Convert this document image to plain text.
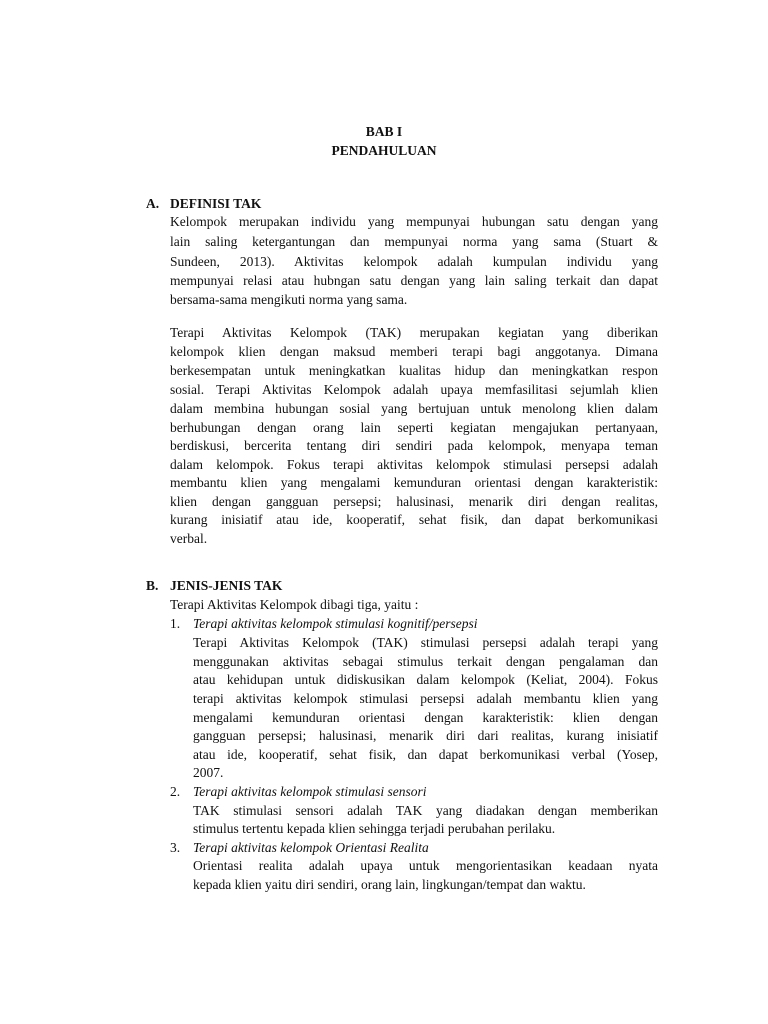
BAB I
PENDAHULUAN
A. DEFINISI TAK
Kelompok merupakan individu yang mempunyai hubungan satu dengan yang
lain saling ketergantungan dan mempunyai norma yang sama (Stuart &
Sundeen, 2013). Aktivitas kelompok adalah kumpulan individu yang
mempunyai relasi atau hubngan satu dengan yang lain saling terkait dan dapat
bersama-sama mengikuti norma yang sama.
Terapi Aktivitas Kelompok (TAK) merupakan kegiatan yang diberikan
kelompok klien dengan maksud memberi terapi bagi anggotanya. Dimana
berkesempatan untuk meningkatkan kualitas hidup dan meningkatkan respon
sosial. Terapi Aktivitas Kelompok adalah upaya memfasilitasi sejumlah klien
dalam membina hubungan sosial yang bertujuan untuk menolong klien dalam
berhubungan dengan orang lain seperti kegiatan mengajukan pertanyaan,
berdiskusi, bercerita tentang diri sendiri pada kelompok, menyapa teman
dalam kelompok. Fokus terapi aktivitas kelompok stimulasi persepsi adalah
membantu klien yang mengalami kemunduran orientasi dengan karakteristik:
klien dengan gangguan persepsi; halusinasi, menarik diri dengan realitas,
kurang inisiatif atau ide, kooperatif, sehat fisik, dan dapat berkomunikasi
verbal.
B. JENIS-JENIS TAK
Terapi Aktivitas Kelompok dibagi tiga, yaitu :
1. Terapi aktivitas kelompok stimulasi kognitif/persepsi
Terapi Aktivitas Kelompok (TAK) stimulasi persepsi adalah terapi yang
menggunakan aktivitas sebagai stimulus terkait dengan pengalaman dan
atau kehidupan untuk didiskusikan dalam kelompok (Keliat, 2004). Fokus
terapi aktivitas kelompok stimulasi persepsi adalah membantu klien yang
mengalami kemunduran orientasi dengan karakteristik: klien dengan
gangguan persepsi; halusinasi, menarik diri dari realitas, kurang inisiatif
atau ide, kooperatif, sehat fisik, dan dapat berkomunikasi verbal (Yosep,
2007.
2. Terapi aktivitas kelompok stimulasi sensori
TAK stimulasi sensori adalah TAK yang diadakan dengan memberikan
stimulus tertentu kepada klien sehingga terjadi perubahan perilaku.
3. Terapi aktivitas kelompok Orientasi Realita
Orientasi realita adalah upaya untuk mengorientasikan keadaan nyata
kepada klien yaitu diri sendiri, orang lain, lingkungan/tempat dan waktu.
